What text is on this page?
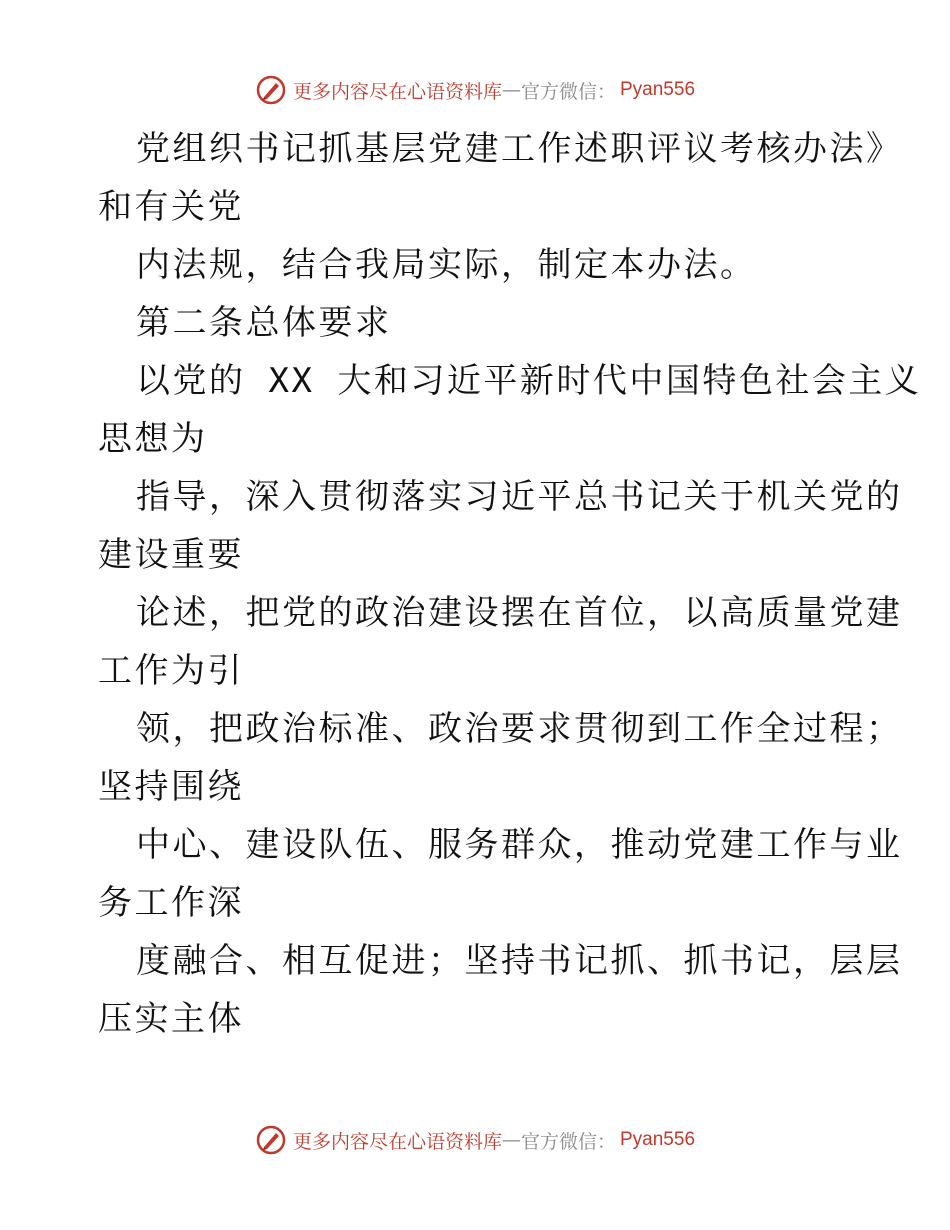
更多内容尽在心语资料库 — 官方微信： Pyan556
党组织书记抓基层党建工作述职评议考核办法》
和有关党
内法规，结合我局实际，制定本办法。
第二条总体要求
以党的 XX 大和习近平新时代中国特色社会主义
思想为
指导，深入贯彻落实习近平总书记关于机关党的
建设重要
论述，把党的政治建设摆在首位，以高质量党建
工作为引
领，把政治标准、政治要求贯彻到工作全过程；
坚持围绕
中心、建设队伍、服务群众，推动党建工作与业
务工作深
度融合、相互促进；坚持书记抓、抓书记，层层
压实主体
更多内容尽在心语资料库 — 官方微信： Pyan556
